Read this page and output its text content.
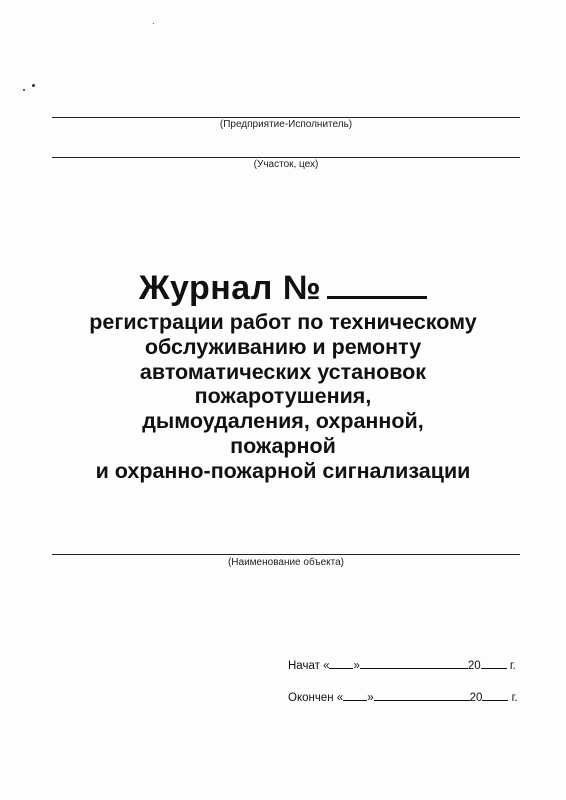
(Предприятие-Исполнитель)
(Участок, цех)
Журнал №
регистрации работ по техническому
обслуживанию и ремонту
автоматических установок
пожаротушения,
дымоудаления, охранной,
пожарной
и охранно-пожарной сигнализации
(Наименование объекта)
Начат « »	20	г.
Окончен « »	20	г.
